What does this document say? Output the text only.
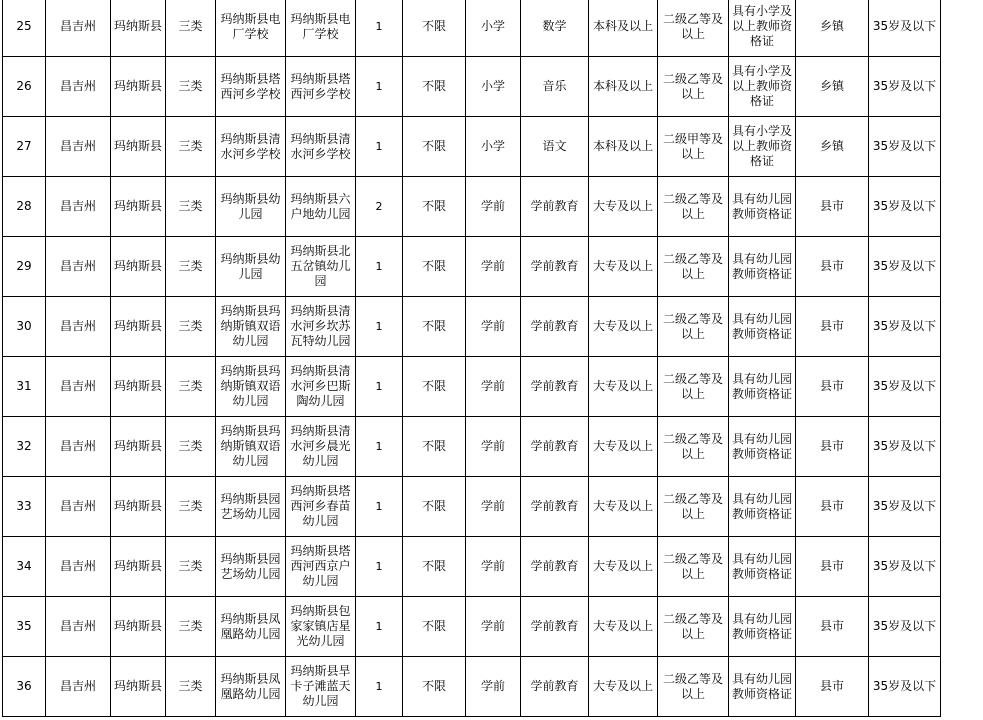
25	昌吉州	玛纳斯县	三类	玛纳斯县电厂学校	玛纳斯县电厂学校	1	不限	小学	数学	本科及以上	二级乙等及以上	具有小学及以上教师资格证	乡镇	35岁及以下
26	昌吉州	玛纳斯县	三类	玛纳斯县塔西河乡学校	玛纳斯县塔西河乡学校	1	不限	小学	音乐	本科及以上	二级乙等及以上	具有小学及以上教师资格证	乡镇	35岁及以下
27	昌吉州	玛纳斯县	三类	玛纳斯县清水河乡学校	玛纳斯县清水河乡学校	1	不限	小学	语文	本科及以上	二级甲等及以上	具有小学及以上教师资格证	乡镇	35岁及以下
28	昌吉州	玛纳斯县	三类	玛纳斯县幼儿园	玛纳斯县六户地幼儿园	2	不限	学前	学前教育	大专及以上	二级乙等及以上	具有幼儿园教师资格证	县市	35岁及以下
29	昌吉州	玛纳斯县	三类	玛纳斯县幼儿园	玛纳斯县北五岔镇幼儿园	1	不限	学前	学前教育	大专及以上	二级乙等及以上	具有幼儿园教师资格证	县市	35岁及以下
30	昌吉州	玛纳斯县	三类	玛纳斯县玛纳斯镇双语幼儿园	玛纳斯县清水河乡坎苏瓦特幼儿园	1	不限	学前	学前教育	大专及以上	二级乙等及以上	具有幼儿园教师资格证	县市	35岁及以下
31	昌吉州	玛纳斯县	三类	玛纳斯县玛纳斯镇双语幼儿园	玛纳斯县清水河乡巴斯陶幼儿园	1	不限	学前	学前教育	大专及以上	二级乙等及以上	具有幼儿园教师资格证	县市	35岁及以下
32	昌吉州	玛纳斯县	三类	玛纳斯县玛纳斯镇双语幼儿园	玛纳斯县清水河乡晨光幼儿园	1	不限	学前	学前教育	大专及以上	二级乙等及以上	具有幼儿园教师资格证	县市	35岁及以下
33	昌吉州	玛纳斯县	三类	玛纳斯县园艺场幼儿园	玛纳斯县塔西河乡春苗幼儿园	1	不限	学前	学前教育	大专及以上	二级乙等及以上	具有幼儿园教师资格证	县市	35岁及以下
34	昌吉州	玛纳斯县	三类	玛纳斯县园艺场幼儿园	玛纳斯县塔西河西京户幼儿园	1	不限	学前	学前教育	大专及以上	二级乙等及以上	具有幼儿园教师资格证	县市	35岁及以下
35	昌吉州	玛纳斯县	三类	玛纳斯县凤凰路幼儿园	玛纳斯县包家家镇店星光幼儿园	1	不限	学前	学前教育	大专及以上	二级乙等及以上	具有幼儿园教师资格证	县市	35岁及以下
36	昌吉州	玛纳斯县	三类	玛纳斯县凤凰路幼儿园	玛纳斯县旱卡子滩蓝天幼儿园	1	不限	学前	学前教育	大专及以上	二级乙等及以上	具有幼儿园教师资格证	县市	35岁及以下
